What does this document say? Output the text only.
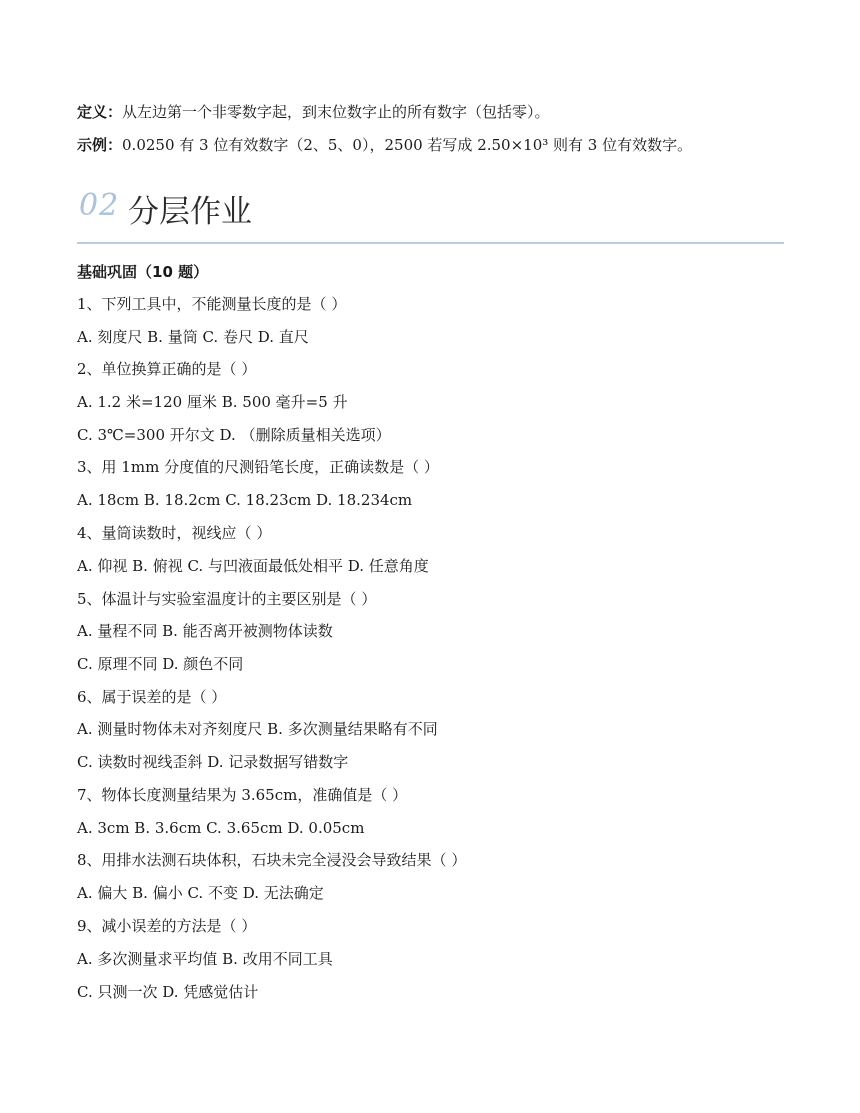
定义：从左边第一个非零数字起，到末位数字止的所有数字（包括零）。
示例：0.0250 有 3 位有效数字（2、5、0），2500 若写成 2.50×10³ 则有 3 位有效数字。
02 分层作业
基础巩固（10 题）
1、下列工具中，不能测量长度的是（ ）
A. 刻度尺 B. 量筒 C. 卷尺 D. 直尺
2、单位换算正确的是（ ）
A. 1.2 米=120 厘米 B. 500 毫升=5 升
C. 3℃=300 开尔文 D. （删除质量相关选项）
3、用 1mm 分度值的尺测铅笔长度，正确读数是（ ）
A. 18cm B. 18.2cm C. 18.23cm D. 18.234cm
4、量筒读数时，视线应（ ）
A. 仰视 B. 俯视 C. 与凹液面最低处相平 D. 任意角度
5、体温计与实验室温度计的主要区别是（ ）
A. 量程不同 B. 能否离开被测物体读数
C. 原理不同 D. 颜色不同
6、属于误差的是（ ）
A. 测量时物体未对齐刻度尺 B. 多次测量结果略有不同
C. 读数时视线歪斜 D. 记录数据写错数字
7、物体长度测量结果为 3.65cm，准确值是（ ）
A. 3cm B. 3.6cm C. 3.65cm D. 0.05cm
8、用排水法测石块体积，石块未完全浸没会导致结果（ ）
A. 偏大 B. 偏小 C. 不变 D. 无法确定
9、减小误差的方法是（ ）
A. 多次测量求平均值 B. 改用不同工具
C. 只测一次 D. 凭感觉估计
